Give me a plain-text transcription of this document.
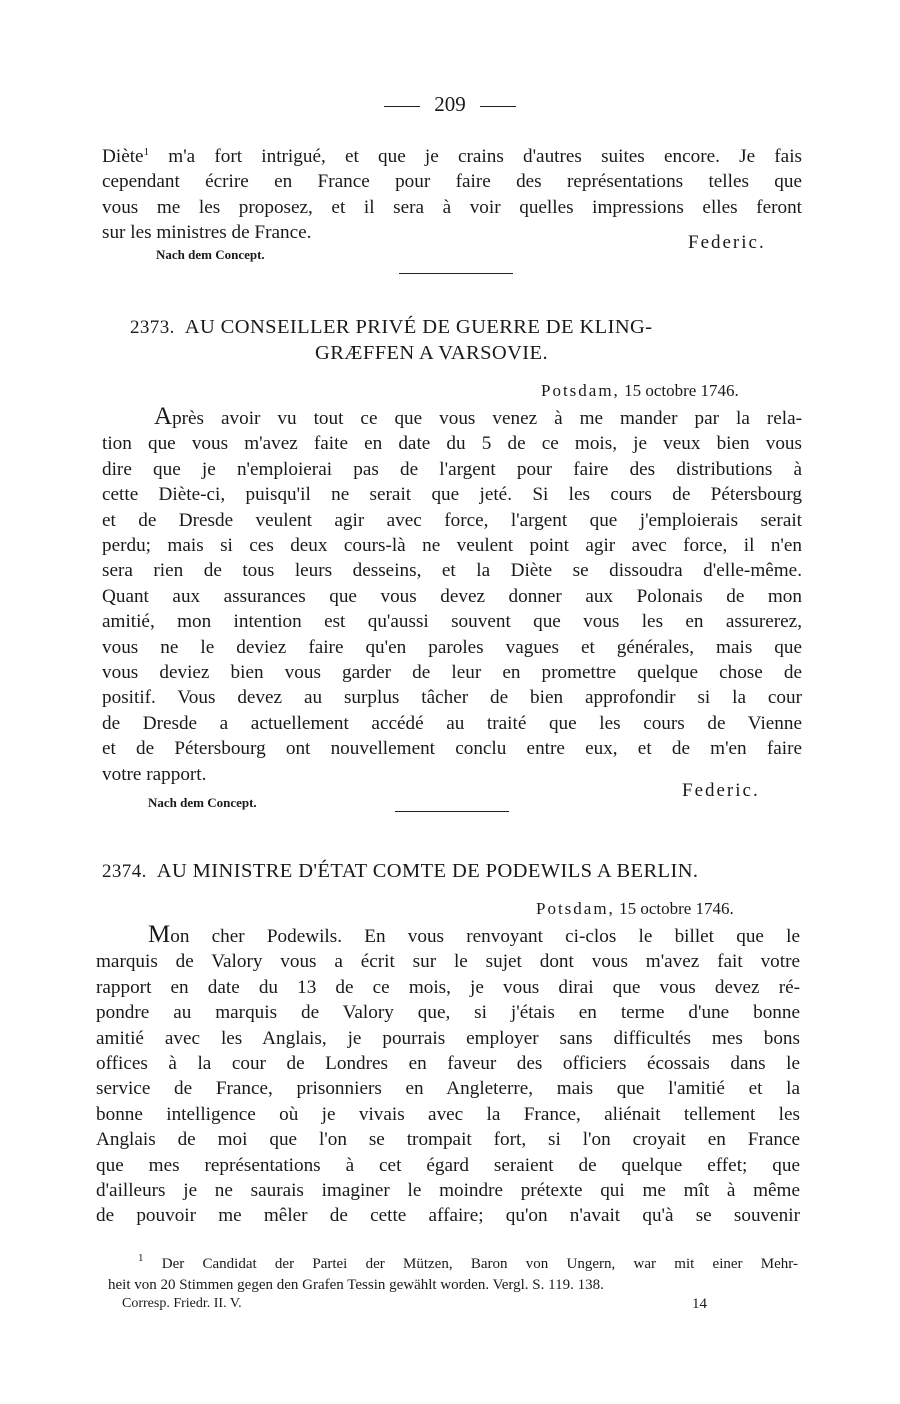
209

Diète$^1$ m'a fort intrigué, et que je crains d'autres suites encore. Je fais

cependant écrire en France pour faire des représentations telles que

vous me les proposez, et il sera à voir quelles impressions elles feront

sur les ministres de France.	Federic.
Nach dem Concept.
2373. AU CONSEILLER PRIVÉ DE GUERRE DE KLING-
GRÆFFEN A VARSOVIE.
Potsdam, 15 octobre 1746.

Après avoir vu tout ce que vous venez à me mander par la rela-

tion que vous m'avez faite en date du 5 de ce mois, je veux bien vous

dire que je n'emploierai pas de l'argent pour faire des distributions à

cette Diète-ci, puisqu'il ne serait que jeté. Si les cours de Pétersbourg

et de Dresde veulent agir avec force, l'argent que j'emploierais serait

perdu; mais si ces deux cours-là ne veulent point agir avec force, il n'en

sera rien de tous leurs desseins, et la Diète se dissoudra d'elle-même.

Quant aux assurances que vous devez donner aux Polonais de mon

amitié, mon intention est qu'aussi souvent que vous les en assurerez,

vous ne le deviez faire qu'en paroles vagues et générales, mais que

vous deviez bien vous garder de leur en promettre quelque chose de

positif. Vous devez au surplus tâcher de bien approfondir si la cour

de Dresde a actuellement accédé au traité que les cours de Vienne

et de Pétersbourg ont nouvellement conclu entre eux, et de m'en faire

votre rapport.

Federic.
Nach dem Concept.
2374. AU MINISTRE D'ÉTAT COMTE DE PODEWILS A BERLIN.
Potsdam, 15 octobre 1746.

Mon cher Podewils. En vous renvoyant ci-clos le billet que le

marquis de Valory vous a écrit sur le sujet dont vous m'avez fait votre

rapport en date du 13 de ce mois, je vous dirai que vous devez ré-

pondre au marquis de Valory que, si j'étais en terme d'une bonne

amitié avec les Anglais, je pourrais employer sans difficultés mes bons

offices à la cour de Londres en faveur des officiers écossais dans le

service de France, prisonniers en Angleterre, mais que l'amitié et la

bonne intelligence où je vivais avec la France, aliénait tellement les

Anglais de moi que l'on se trompait fort, si l'on croyait en France

que mes représentations à cet égard seraient de quelque effet; que

d'ailleurs je ne saurais imaginer le moindre prétexte qui me mît à même

de pouvoir me mêler de cette affaire; qu'on n'avait qu'à se souvenir

$^1$ Der Candidat der Partei der Mützen, Baron von Ungern, war mit einer Mehr-

heit von 20 Stimmen gegen den Grafen Tessin gewählt worden. Vergl. S. 119. 138.

Corresp. Friedr. II. V.	14
